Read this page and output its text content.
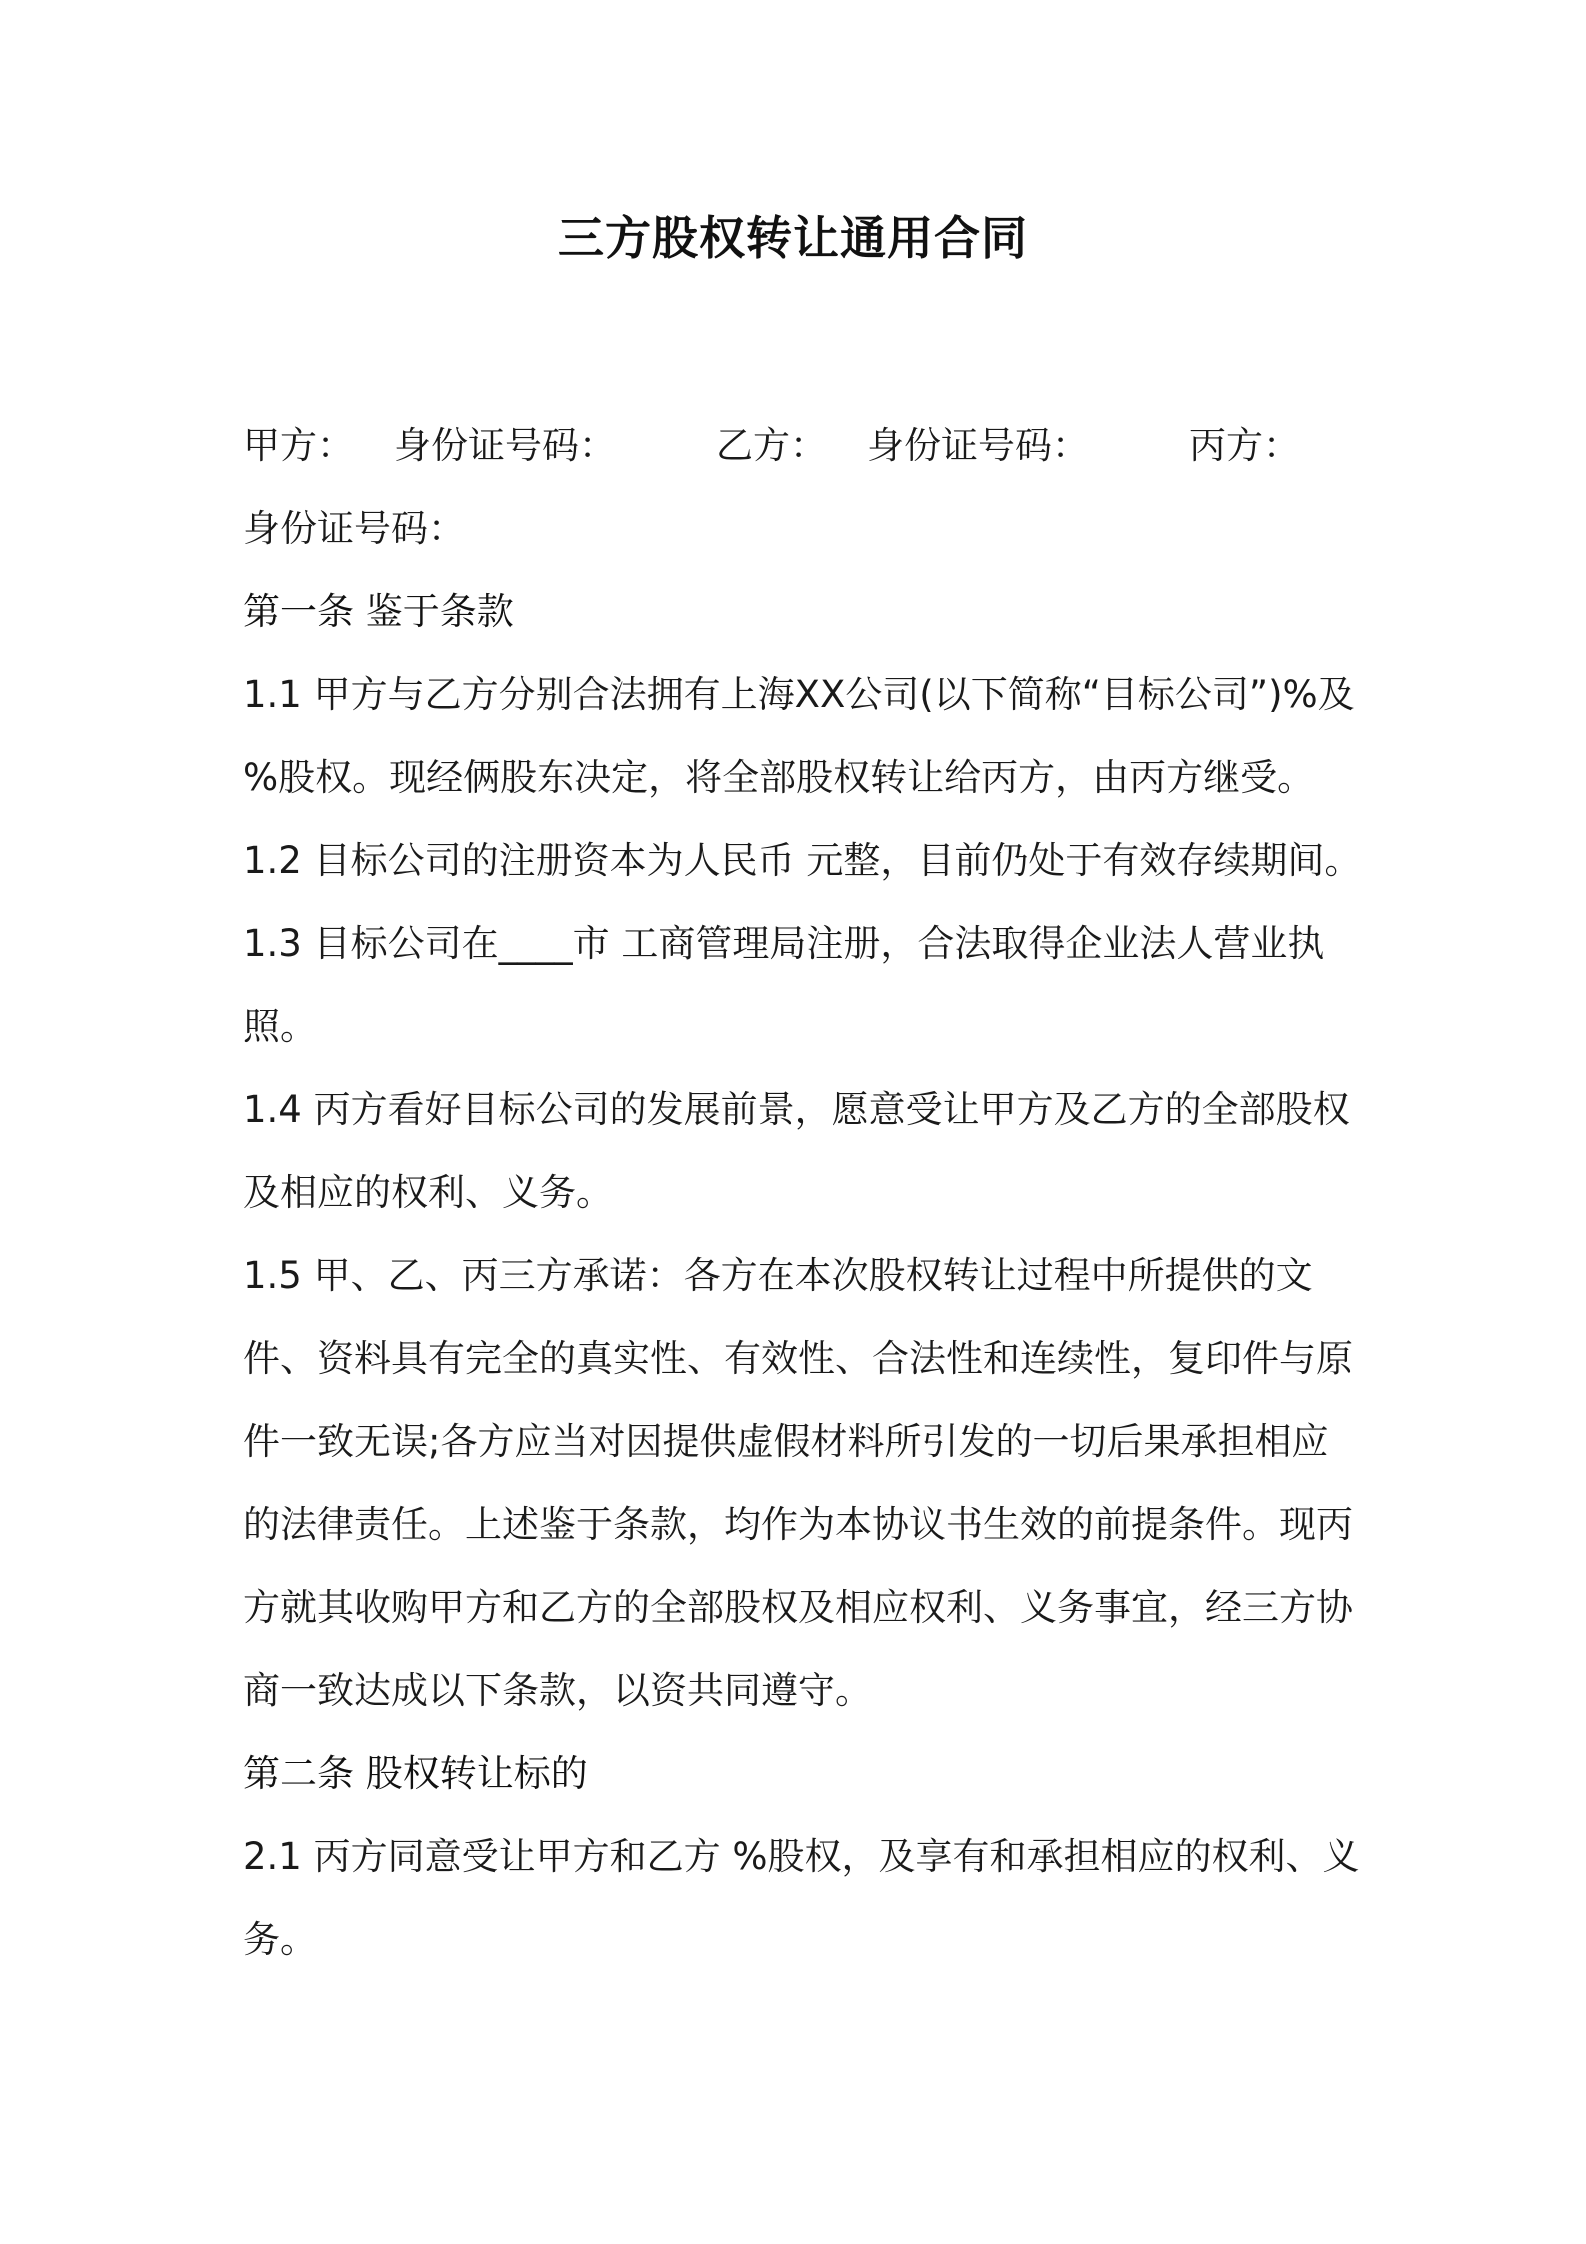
三方股权转让通用合同

甲方： 身份证号码：	乙方： 身份证号码：	丙方：身份证号码：

第一条 鉴于条款

1.1 甲方与乙方分别合法拥有上海XX公司(以下简称“目标公司”)%及 %股权。现经俩股东决定，将全部股权转让给丙方，由丙方继受。

1.2 目标公司的注册资本为人民币 元整，目前仍处于有效存续期间。

1.3 目标公司在____市 工商管理局注册，合法取得企业法人营业执照。

1.4 丙方看好目标公司的发展前景，愿意受让甲方及乙方的全部股权及相应的权利、义务。

1.5 甲、乙、丙三方承诺：各方在本次股权转让过程中所提供的文件、资料具有完全的真实性、有效性、合法性和连续性，复印件与原件一致无误;各方应当对因提供虚假材料所引发的一切后果承担相应的法律责任。上述鉴于条款，均作为本协议书生效的前提条件。现丙方就其收购甲方和乙方的全部股权及相应权利、义务事宜，经三方协商一致达成以下条款，以资共同遵守。

第二条 股权转让标的

2.1 丙方同意受让甲方和乙方 %股权，及享有和承担相应的权利、义务。
